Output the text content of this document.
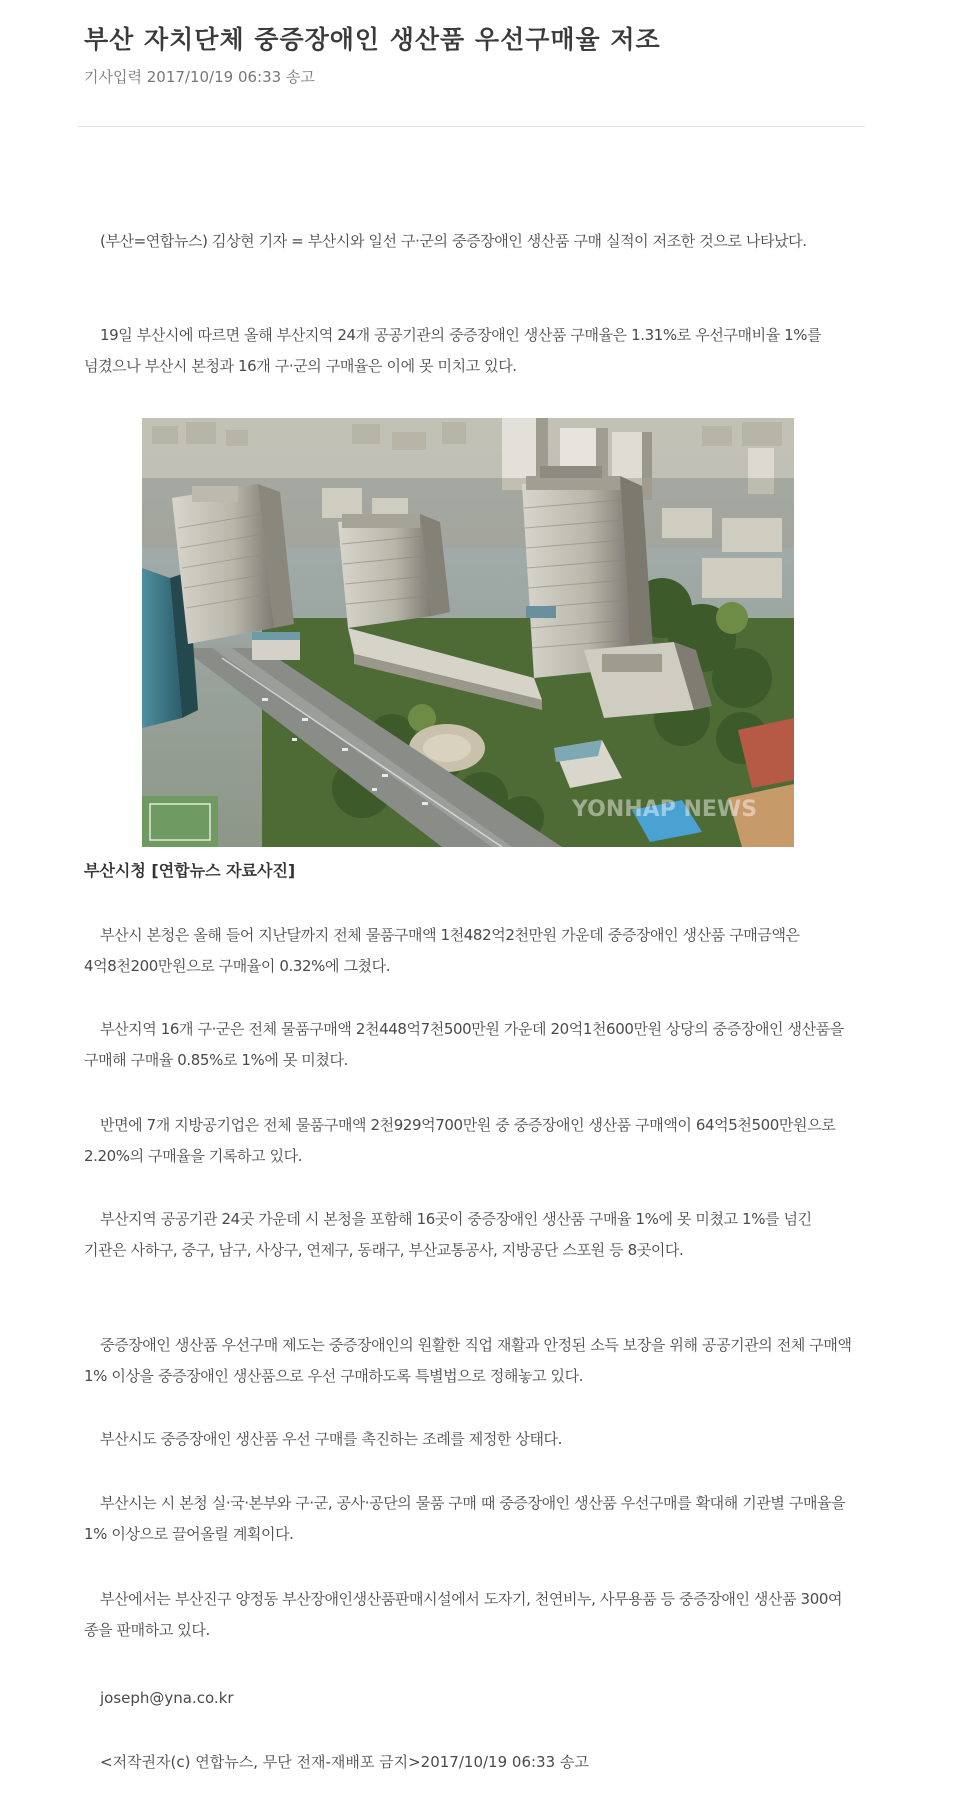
부산 자치단체 중증장애인 생산품 우선구매율 저조
기사입력 2017/10/19 06:33 송고

(부산=연합뉴스) 김상현 기자 = 부산시와 일선 구·군의 중증장애인 생산품 구매 실적이 저조한 것으로 나타났다.

19일 부산시에 따르면 올해 부산지역 24개 공공기관의 중증장애인 생산품 구매율은 1.31%로 우선구매비율 1%를 넘겼으나 부산시 본청과 16개 구·군의 구매율은 이에 못 미치고 있다.

YONHAP NEWS
부산시청 [연합뉴스 자료사진]

부산시 본청은 올해 들어 지난달까지 전체 물품구매액 1천482억2천만원 가운데 중증장애인 생산품 구매금액은 4억8천200만원으로 구매율이 0.32%에 그쳤다.

부산지역 16개 구·군은 전체 물품구매액 2천448억7천500만원 가운데 20억1천600만원 상당의 중증장애인 생산품을 구매해 구매율 0.85%로 1%에 못 미쳤다.

반면에 7개 지방공기업은 전체 물품구매액 2천929억700만원 중 중증장애인 생산품 구매액이 64억5천500만원으로 2.20%의 구매율을 기록하고 있다.

부산지역 공공기관 24곳 가운데 시 본청을 포함해 16곳이 중증장애인 생산품 구매율 1%에 못 미쳤고 1%를 넘긴 기관은 사하구, 중구, 남구, 사상구, 연제구, 동래구, 부산교통공사, 지방공단 스포원 등 8곳이다.

중증장애인 생산품 우선구매 제도는 중증장애인의 원활한 직업 재활과 안정된 소득 보장을 위해 공공기관의 전체 구매액 1% 이상을 중증장애인 생산품으로 우선 구매하도록 특별법으로 정해놓고 있다.

부산시도 중증장애인 생산품 우선 구매를 촉진하는 조례를 제정한 상태다.

부산시는 시 본청 실·국·본부와 구·군, 공사·공단의 물품 구매 때 중증장애인 생산품 우선구매를 확대해 기관별 구매율을 1% 이상으로 끌어올릴 계획이다.

부산에서는 부산진구 양정동 부산장애인생산품판매시설에서 도자기, 천연비누, 사무용품 등 중증장애인 생산품 300여 종을 판매하고 있다.

joseph@yna.co.kr
<저작권자(c) 연합뉴스, 무단 전재-재배포 금지>2017/10/19 06:33 송고
